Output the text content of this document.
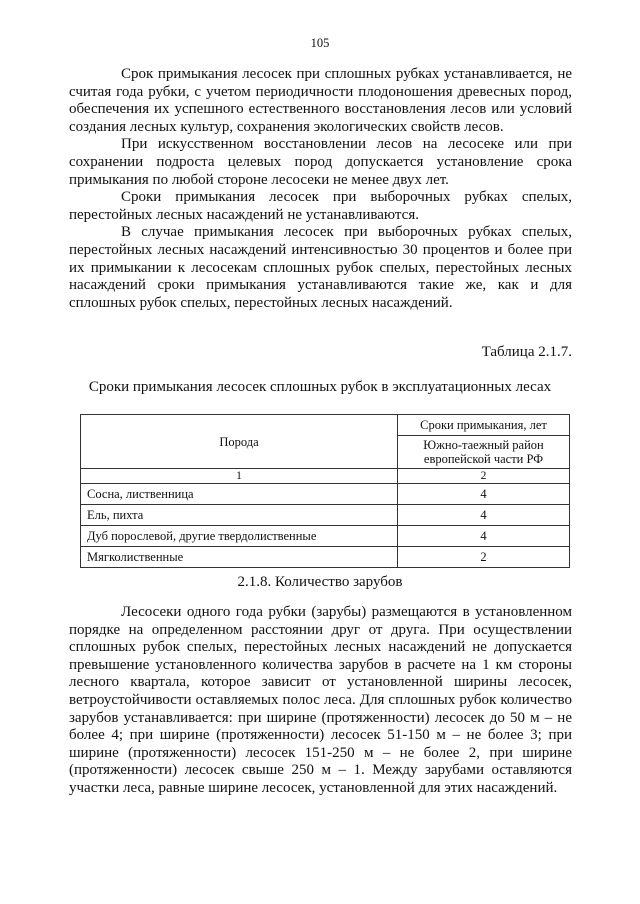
105

Срок примыкания лесосек при сплошных рубках устанавливается, не считая года рубки, с учетом периодичности плодоношения древесных пород, обеспечения их успешного естественного восстановления лесов или условий создания лесных культур, сохранения экологических свойств лесов.

При искусственном восстановлении лесов на лесосеке или при сохранении подроста целевых пород допускается установление срока примыкания по любой стороне лесосеки не менее двух лет.

Сроки примыкания лесосек при выборочных рубках спелых, перестойных лесных насаждений не устанавливаются.

В случае примыкания лесосек при выборочных рубках спелых, перестойных лесных насаждений интенсивностью 30 процентов и более при их примыкании к лесосекам сплошных рубок спелых, перестойных лесных насаждений сроки примыкания устанавливаются такие же, как и для сплошных рубок спелых, перестойных лесных насаждений.

Таблица 2.1.7.
Сроки примыкания лесосек сплошных рубок в эксплуатационных лесах
Порода	Сроки примыкания, лет
	Южно-таежный район европейской части РФ
1	2
Сосна, лиственница	4
Ель, пихта	4
Дуб порослевой, другие твердолиственные	4
Мягколиственные	2
2.1.8. Количество зарубов

Лесосеки одного года рубки (зарубы) размещаются в установленном порядке на определенном расстоянии друг от друга. При осуществлении сплошных рубок спелых, перестойных лесных насаждений не допускается превышение установленного количества зарубов в расчете на 1 км стороны лесного квартала, которое зависит от установленной ширины лесосек, ветроустойчивости оставляемых полос леса. Для сплошных рубок количество зарубов устанавливается: при ширине (протяженности) лесосек до 50 м – не более 4; при ширине (протяженности) лесосек 51-150 м – не более 3; при ширине (протяженности) лесосек 151-250 м – не более 2, при ширине (протяженности) лесосек свыше 250 м – 1. Между зарубами оставляются участки леса, равные ширине лесосек, установленной для этих насаждений.
